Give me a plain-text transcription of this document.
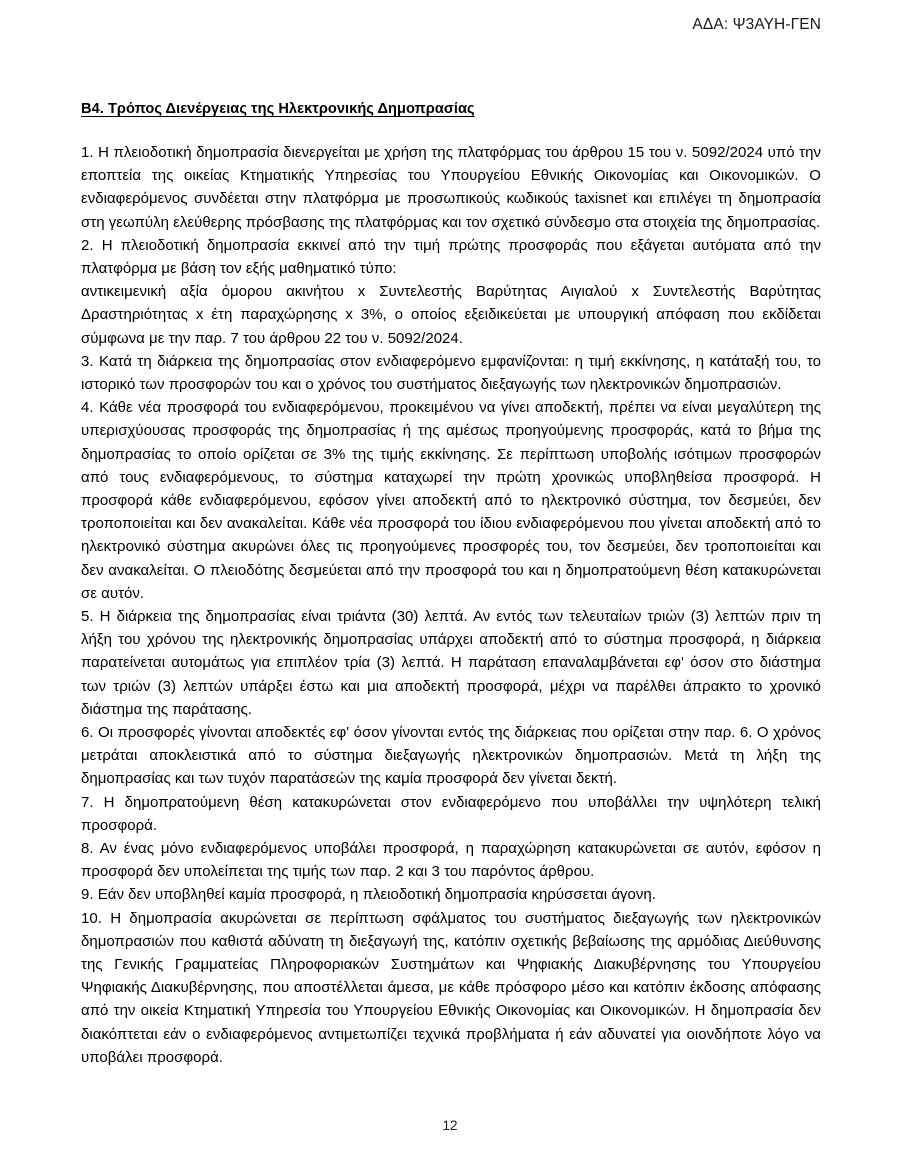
ΑΔΑ: Ψ3ΑΥΗ-ΓΕΝ
Β4. Τρόπος Διενέργειας της Ηλεκτρονικής Δημοπρασίας

1. Η πλειοδοτική δημοπρασία διενεργείται με χρήση της πλατφόρμας του άρθρου 15 του ν. 5092/2024 υπό την εποπτεία της οικείας Κτηματικής Υπηρεσίας του Υπουργείου Εθνικής Οικονομίας και Οικονομικών. Ο ενδιαφερόμενος συνδέεται στην πλατφόρμα με προσωπικούς κωδικούς taxisnet και επιλέγει τη δημοπρασία στη γεωπύλη ελεύθερης πρόσβασης της πλατφόρμας και τον σχετικό σύνδεσμο στα στοιχεία της δημοπρασίας.

2. Η πλειοδοτική δημοπρασία εκκινεί από την τιμή πρώτης προσφοράς που εξάγεται αυτόματα από την πλατφόρμα με βάση τον εξής μαθηματικό τύπο:

αντικειμενική αξία όμορου ακινήτου x Συντελεστής Βαρύτητας Αιγιαλού x Συντελεστής Βαρύτητας Δραστηριότητας x έτη παραχώρησης x 3%, ο οποίος εξειδικεύεται με υπουργική απόφαση που εκδίδεται σύμφωνα με την παρ. 7 του άρθρου 22 του ν. 5092/2024.

3. Κατά τη διάρκεια της δημοπρασίας στον ενδιαφερόμενο εμφανίζονται: η τιμή εκκίνησης, η κατάταξή του, το ιστορικό των προσφορών του και ο χρόνος του συστήματος διεξαγωγής των ηλεκτρονικών δημοπρασιών.

4. Κάθε νέα προσφορά του ενδιαφερόμενου, προκειμένου να γίνει αποδεκτή, πρέπει να είναι μεγαλύτερη της υπερισχύουσας προσφοράς της δημοπρασίας ή της αμέσως προηγούμενης προσφοράς, κατά το βήμα της δημοπρασίας το οποίο ορίζεται σε 3% της τιμής εκκίνησης. Σε περίπτωση υποβολής ισότιμων προσφορών από τους ενδιαφερόμενους, το σύστημα καταχωρεί την πρώτη χρονικώς υποβληθείσα προσφορά. Η προσφορά κάθε ενδιαφερόμενου, εφόσον γίνει αποδεκτή από το ηλεκτρονικό σύστημα, τον δεσμεύει, δεν τροποποιείται και δεν ανακαλείται. Κάθε νέα προσφορά του ίδιου ενδιαφερόμενου που γίνεται αποδεκτή από το ηλεκτρονικό σύστημα ακυρώνει όλες τις προηγούμενες προσφορές του, τον δεσμεύει, δεν τροποποιείται και δεν ανακαλείται. Ο πλειοδότης δεσμεύεται από την προσφορά του και η δημοπρατούμενη θέση κατακυρώνεται σε αυτόν.

5. Η διάρκεια της δημοπρασίας είναι τριάντα (30) λεπτά. Αν εντός των τελευταίων τριών (3) λεπτών πριν τη λήξη του χρόνου της ηλεκτρονικής δημοπρασίας υπάρχει αποδεκτή από το σύστημα προσφορά, η διάρκεια παρατείνεται αυτομάτως για επιπλέον τρία (3) λεπτά. Η παράταση επαναλαμβάνεται εφ' όσον στο διάστημα των τριών (3) λεπτών υπάρξει έστω και μια αποδεκτή προσφορά, μέχρι να παρέλθει άπρακτο το χρονικό διάστημα της παράτασης.

6. Οι προσφορές γίνονται αποδεκτές εφ' όσον γίνονται εντός της διάρκειας που ορίζεται στην παρ. 6. Ο χρόνος μετράται αποκλειστικά από το σύστημα διεξαγωγής ηλεκτρονικών δημοπρασιών. Μετά τη λήξη της δημοπρασίας και των τυχόν παρατάσεών της καμία προσφορά δεν γίνεται δεκτή.

7. Η δημοπρατούμενη θέση κατακυρώνεται στον ενδιαφερόμενο που υποβάλλει την υψηλότερη τελική προσφορά.

8. Αν ένας μόνο ενδιαφερόμενος υποβάλει προσφορά, η παραχώρηση κατακυρώνεται σε αυτόν, εφόσον η προσφορά δεν υπολείπεται της τιμής των παρ. 2 και 3 του παρόντος άρθρου.

9. Εάν δεν υποβληθεί καμία προσφορά, η πλειοδοτική δημοπρασία κηρύσσεται άγονη.

10. Η δημοπρασία ακυρώνεται σε περίπτωση σφάλματος του συστήματος διεξαγωγής των ηλεκτρονικών δημοπρασιών που καθιστά αδύνατη τη διεξαγωγή της, κατόπιν σχετικής βεβαίωσης της αρμόδιας Διεύθυνσης της Γενικής Γραμματείας Πληροφοριακών Συστημάτων και Ψηφιακής Διακυβέρνησης του Υπουργείου Ψηφιακής Διακυβέρνησης, που αποστέλλεται άμεσα, με κάθε πρόσφορο μέσο και κατόπιν έκδοσης απόφασης από την οικεία Κτηματική Υπηρεσία του Υπουργείου Εθνικής Οικονομίας και Οικονομικών. Η δημοπρασία δεν διακόπτεται εάν ο ενδιαφερόμενος αντιμετωπίζει τεχνικά προβλήματα ή εάν αδυνατεί για οιονδήποτε λόγο να υποβάλει προσφορά.

12
